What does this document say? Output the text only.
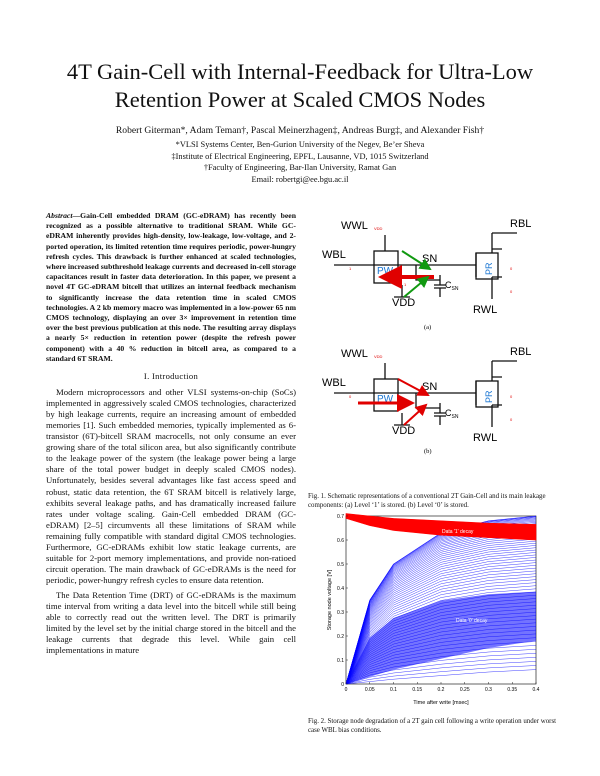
4T Gain-Cell with Internal-Feedback for Ultra-Low
Retention Power at Scaled CMOS Nodes
Robert Giterman*, Adam Teman†, Pascal Meinerzhagen‡, Andreas Burg‡, and Alexander Fish†
*VLSI Systems Center, Ben-Gurion University of the Negev, Be’er Sheva
‡Institute of Electrical Engineering, EPFL, Lausanne, VD, 1015 Switzerland
†Faculty of Engineering, Bar-Ilan University, Ramat Gan
Email: robertgi@ee.bgu.ac.il
Abstract—Gain-Cell embedded DRAM (GC-eDRAM) has recently been recognized as a possible alternative to traditional SRAM. While GC-eDRAM inherently provides high-density, low-leakage, low-voltage, and 2-ported operation, its limited retention time requires periodic, power-hungry refresh cycles. This drawback is further enhanced at scaled technologies, where increased subthreshold leakage currents and decreased in-cell storage capacitances result in faster data deterioration. In this paper, we present a novel 4T GC-eDRAM bitcell that utilizes an internal feedback mechanism to significantly increase the data retention time in scaled CMOS technologies. A 2 kb memory macro was implemented in a low-power 65 nm CMOS technology, displaying an over 3× improvement in retention time over the best previous publication at this node. The resulting array displays a nearly 5× reduction in retention power (despite the refresh power component) with a 40 % reduction in bitcell area, as compared to a standard 6T SRAM.
I. Introduction

Modern microprocessors and other VLSI systems-on-chip (SoCs) implemented in aggressively scaled CMOS technologies, characterized by high leakage currents, require an increasing amount of embedded memories [1]. Such embedded memories, typically implemented as 6-transistor (6T)-bitcell SRAM macrocells, not only consume an ever growing share of the total silicon area, but also significantly contribute to the leakage power of the system (the leakage power being a large share of the total power budget in deeply scaled CMOS nodes). Unfortunately, besides several advantages like fast access speed and robust, static data retention, the 6T SRAM bitcell is relatively large, exhibits several leakage paths, and has dramatically increased failure rates under voltage scaling. Gain-Cell embedded DRAM (GC-eDRAM) [2–5] circumvents all these limitations of SRAM while remaining fully compatible with standard digital CMOS technologies. Furthermore, GC-eDRAMs exhibit low static leakage currents, are suitable for 2-port memory implementations, and provide non-ratioed circuit operation. The main drawback of GC-eDRAMs is the need for periodic, power-hungry refresh cycles to ensure data retention.

The Data Retention Time (DRT) of GC-eDRAMs is the maximum time interval from writing a data level into the bitcell while still being able to correctly read out the written level. The DRT is primarily limited by the level set by the initial charge stored in the bitcell and the leakage currents that degrade this level. While gain cell implementations in mature

WWL VDD
WBL
RBL
SN
VDD
RWL
$C_{SN}$
1
1
0
0
PW	PR
(a)
WWL VDD
WBL
RBL
SN
VDD
RWL
$C_{SN}$
0	0
0
PW	PR
(b)
Fig. 1. Schematic representations of a conventional 2T Gain-Cell and its main leakage components: (a) Level ‘1’ is stored. (b) Level ‘0’ is stored.
0	0.05	0.1	0.15	0.2	0.25	0.3	0.35	0.4
0
0.1
0.2
0.3
0.4
0.5
0.6
0.7
Data '1' decay
Data '0' decay
Time after write [msec]
Storage node voltage [V]
Fig. 2. Storage node degradation of a 2T gain cell following a write operation under worst case WBL bias conditions.
